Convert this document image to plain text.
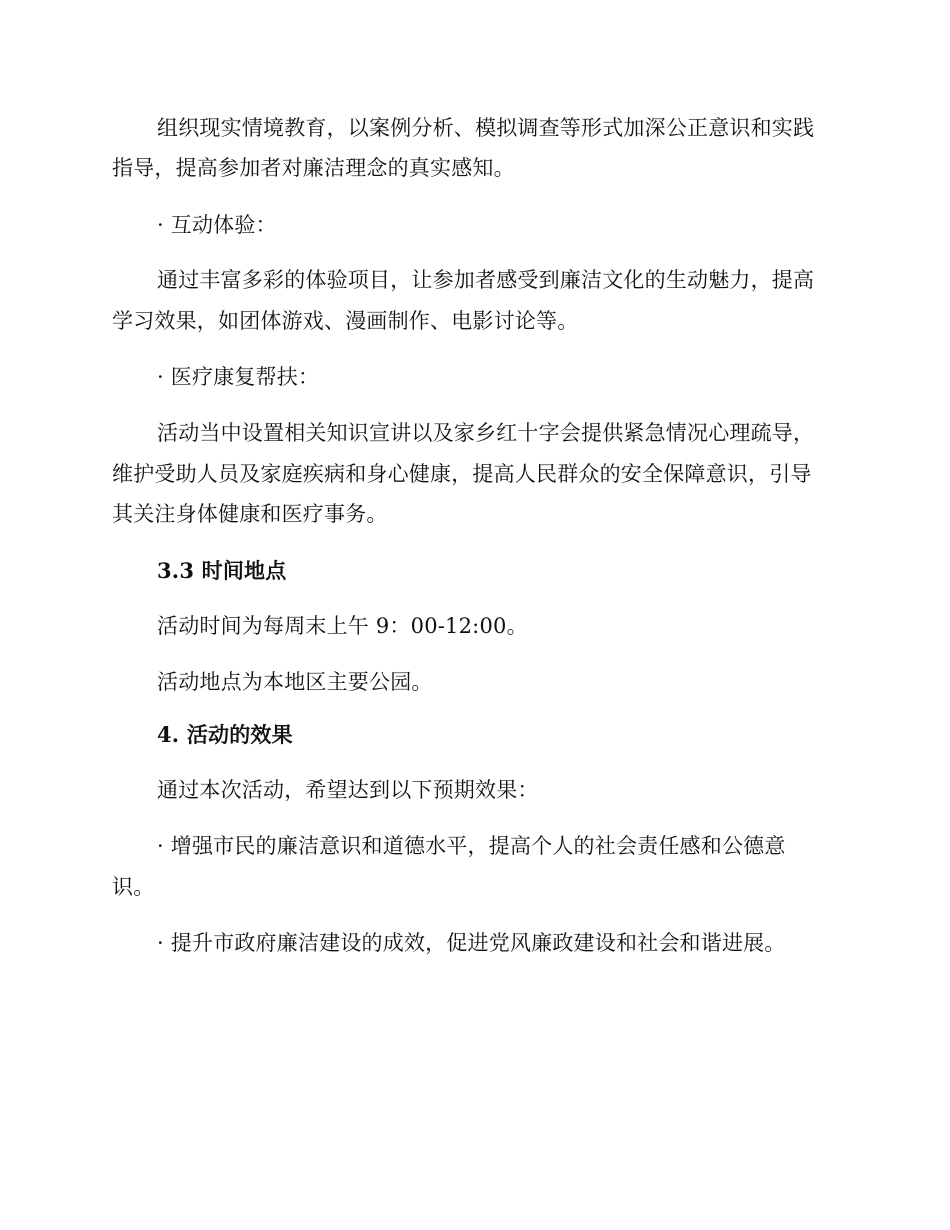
组织现实情境教育，以案例分析、模拟调查等形式加深公正意识和实践
指导，提高参加者对廉洁理念的真实感知。
· 互动体验：
通过丰富多彩的体验项目，让参加者感受到廉洁文化的生动魅力，提高
学习效果，如团体游戏、漫画制作、电影讨论等。
· 医疗康复帮扶：
活动当中设置相关知识宣讲以及家乡红十字会提供紧急情况心理疏导，
维护受助人员及家庭疾病和身心健康，提高人民群众的安全保障意识，引导
其关注身体健康和医疗事务。
3.3 时间地点
活动时间为每周末上午 9：00-12:00。
活动地点为本地区主要公园。
4. 活动的效果
通过本次活动，希望达到以下预期效果：
· 增强市民的廉洁意识和道德水平，提高个人的社会责任感和公德意
识。
· 提升市政府廉洁建设的成效，促进党风廉政建设和社会和谐进展。
